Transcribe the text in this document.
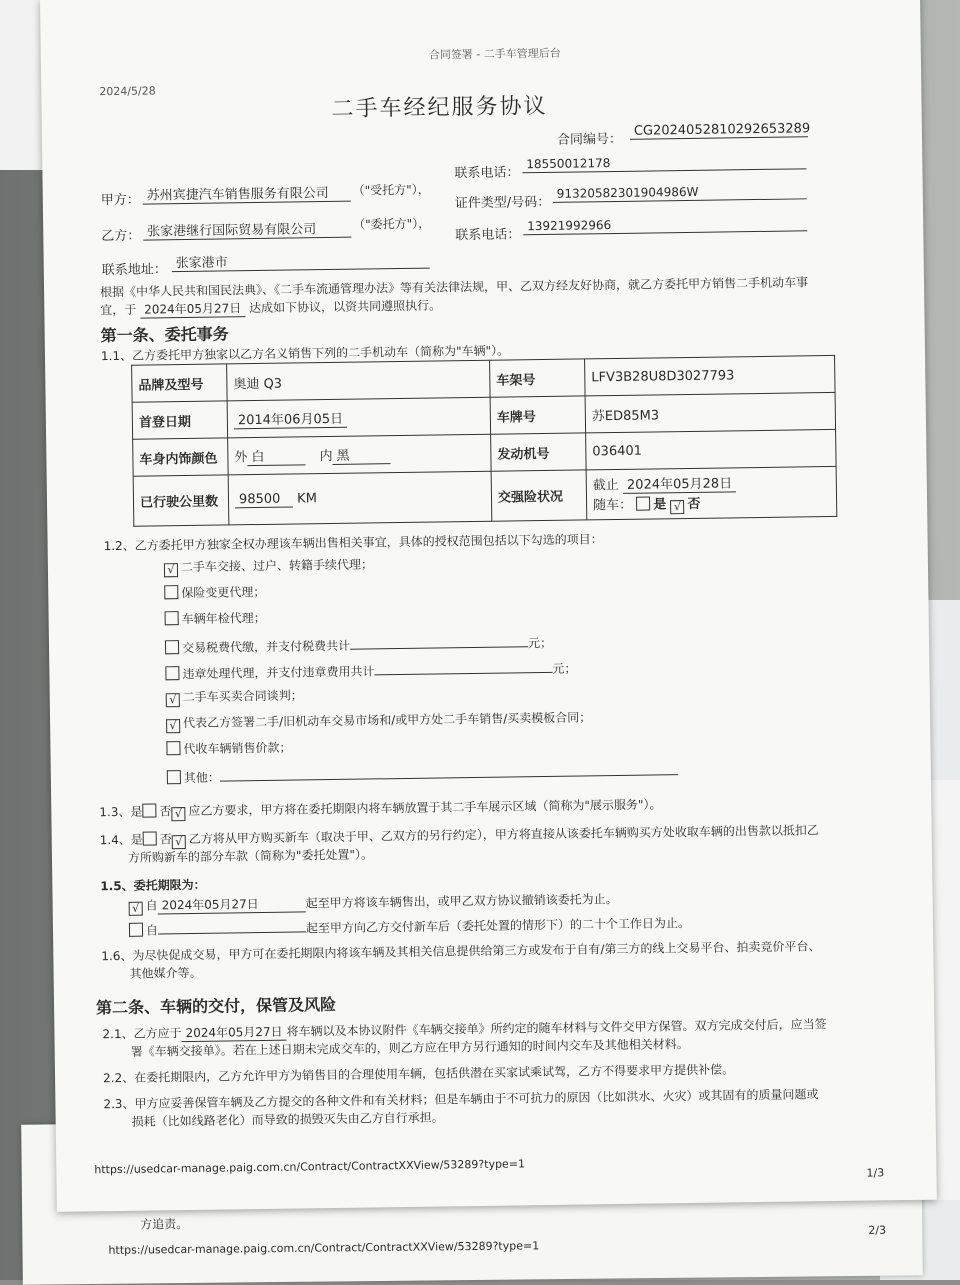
方追责。
https://usedcar-manage.paig.com.cn/Contract/ContractXXView/53289?type=1
2/3
合同签署 - 二手车管理后台
2024/5/28
二手车经纪服务协议
合同编号：
CG2024052810292653289
联系电话：
18550012178
甲方： 苏州宾捷汽车销售服务有限公司	（"受托方"），
证件类型/号码：
91320582301904986W
乙方： 张家港继行国际贸易有限公司	（"委托方"），
联系电话：
13921992966
联系地址： 张家港市
根据《中华人民共和国民法典》、《二手车流通管理办法》等有关法律法规，甲、乙双方经友好协商，就乙方委托甲方销售二手机动车事
宜，于 2024年05月27日 达成如下协议，以资共同遵照执行。
第一条、委托事务
1.1、乙方委托甲方独家以乙方名义销售下列的二手机动车（简称为"车辆"）。
品牌及型号	奥迪 Q3	车架号	LFV3B28U8D3027793
首登日期	2014年06月05日	车牌号	苏ED85M3
车身内饰颜色	外 白 内 黑	发动机号	036401
已行驶公里数	98500 KM	交强险状况	截止 2024年05月28日
随车： 是 √ 否
1.2、乙方委托甲方独家全权办理该车辆出售相关事宜，具体的授权范围包括以下勾选的项目：
√ 二手车交接、过户、转籍手续代理；
保险变更代理；
车辆年检代理；
交易税费代缴，并支付税费共计	元；
违章处理代理，并支付违章费用共计	元；
√ 二手车买卖合同谈判；
√ 代表乙方签署二手/旧机动车交易市场和/或甲方处二手车销售/买卖模板合同；
代收车辆销售价款；
其他：
1.3、是 否 √ 应乙方要求，甲方将在委托期限内将车辆放置于其二手车展示区域（简称为"展示服务"）。
1.4、是 否 √ 乙方将从甲方购买新车（取决于甲、乙双方的另行约定），甲方将直接从该委托车辆购买方处收取车辆的出售款以抵扣乙
方所购新车的部分车款（简称为"委托处置"）。
1.5、委托期限为：
√ 自 2024年05月27日	起至甲方将该车辆售出，或甲乙双方协议撤销该委托为止。
自	起至甲方向乙方交付新车后（委托处置的情形下）的二十个工作日为止。
1.6、为尽快促成交易，甲方可在委托期限内将该车辆及其相关信息提供给第三方或发布于自有/第三方的线上交易平台、拍卖竞价平台、
其他媒介等。
第二条、车辆的交付，保管及风险
2.1、乙方应于 2024年05月27日 将车辆以及本协议附件《车辆交接单》所约定的随车材料与文件交甲方保管。双方完成交付后，应当签
署《车辆交接单》。若在上述日期未完成交车的，则乙方应在甲方另行通知的时间内交车及其他相关材料。
2.2、在委托期限内，乙方允许甲方为销售目的合理使用车辆，包括供潜在买家试乘试驾，乙方不得要求甲方提供补偿。
2.3、甲方应妥善保管车辆及乙方提交的各种文件和有关材料；但是车辆由于不可抗力的原因（比如洪水、火灾）或其固有的质量问题或
损耗（比如线路老化）而导致的损毁灭失由乙方自行承担。
https://usedcar-manage.paig.com.cn/Contract/ContractXXView/53289?type=1	1/3
